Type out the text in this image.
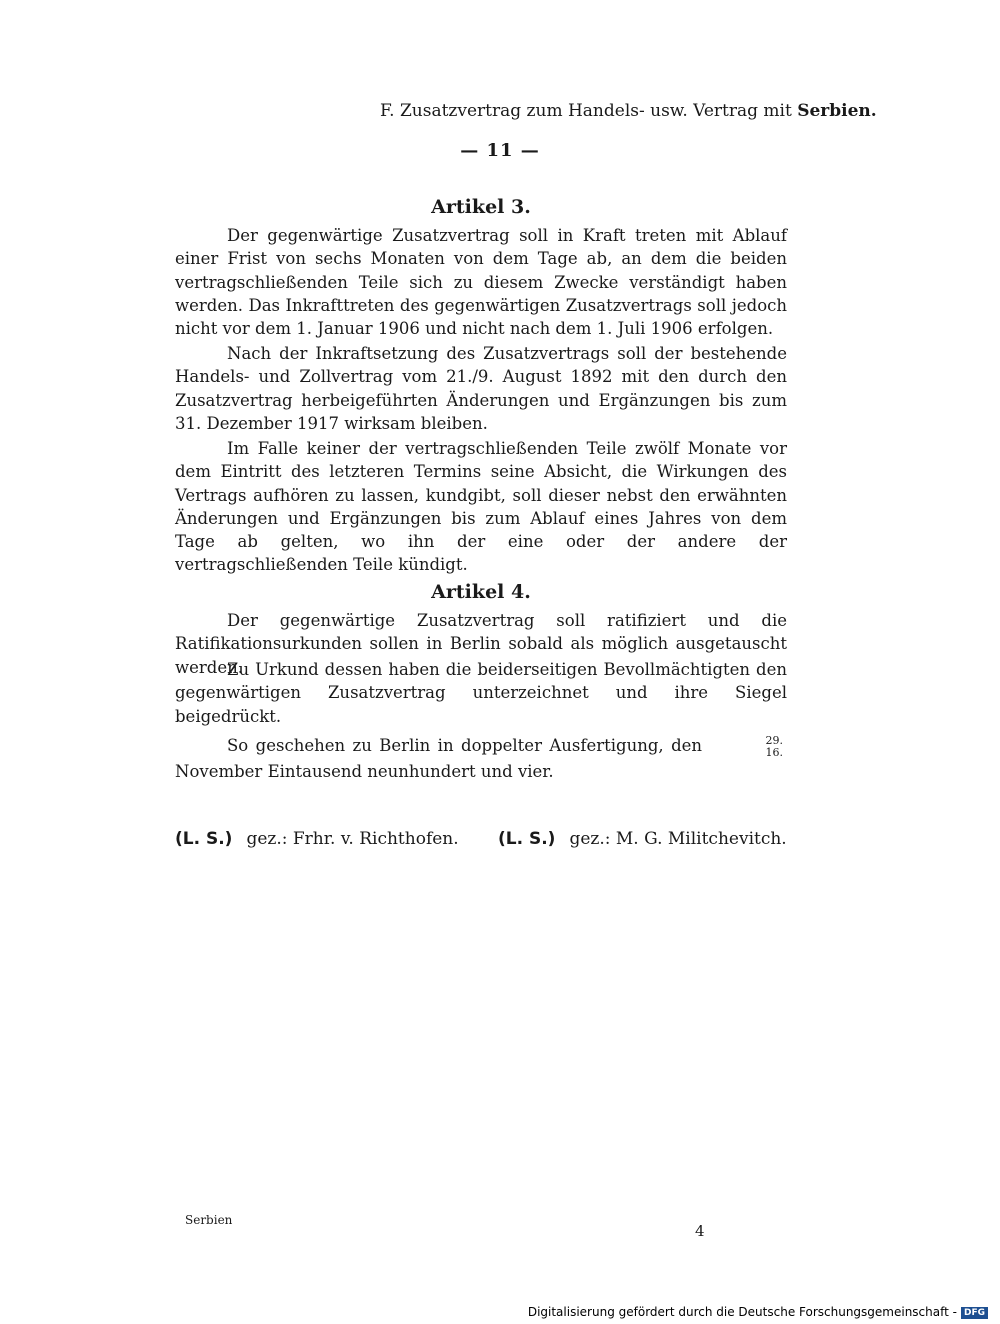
F. Zusatzvertrag zum Handels- usw. Vertrag mit Serbien.
— 11 —
Artikel 3.

Der gegenwärtige Zusatzvertrag soll in Kraft treten mit Ablauf einer Frist von sechs Monaten von dem Tage ab, an dem die beiden vertragschließenden Teile sich zu diesem Zwecke verständigt haben werden. Das Inkrafttreten des gegenwärtigen Zusatzvertrags soll jedoch nicht vor dem 1. Januar 1906 und nicht nach dem 1. Juli 1906 erfolgen.

Nach der Inkraftsetzung des Zusatzvertrags soll der bestehende Handels- und Zollvertrag vom 21./9. August 1892 mit den durch den Zusatzvertrag herbeigeführten Änderungen und Ergänzungen bis zum 31. Dezember 1917 wirksam bleiben.

Im Falle keiner der vertragschließenden Teile zwölf Monate vor dem Eintritt des letzteren Termins seine Absicht, die Wirkungen des Vertrags aufhören zu lassen, kundgibt, soll dieser nebst den erwähnten Änderungen und Ergänzungen bis zum Ablauf eines Jahres von dem Tage ab gelten, wo ihn der eine oder der andere der vertragschließenden Teile kündigt.

Artikel 4.

Der gegenwärtige Zusatzvertrag soll ratifiziert und die Ratifikationsurkunden sollen in Berlin sobald als möglich ausgetauscht werden.

Zu Urkund dessen haben die beiderseitigen Bevollmächtigten den gegenwärtigen Zusatzvertrag unterzeichnet und ihre Siegel beigedrückt.

So geschehen zu Berlin in doppelter Ausfertigung, den	29.
16.
November Eintausend neunhundert und vier.

(L. S.) gez.: Frhr. v. Richthofen. (L. S.) gez.: M. G. Militchevitch.
Serbien
4
Digitalisierung gefördert durch die Deutsche Forschungsgemeinschaft - DFG
